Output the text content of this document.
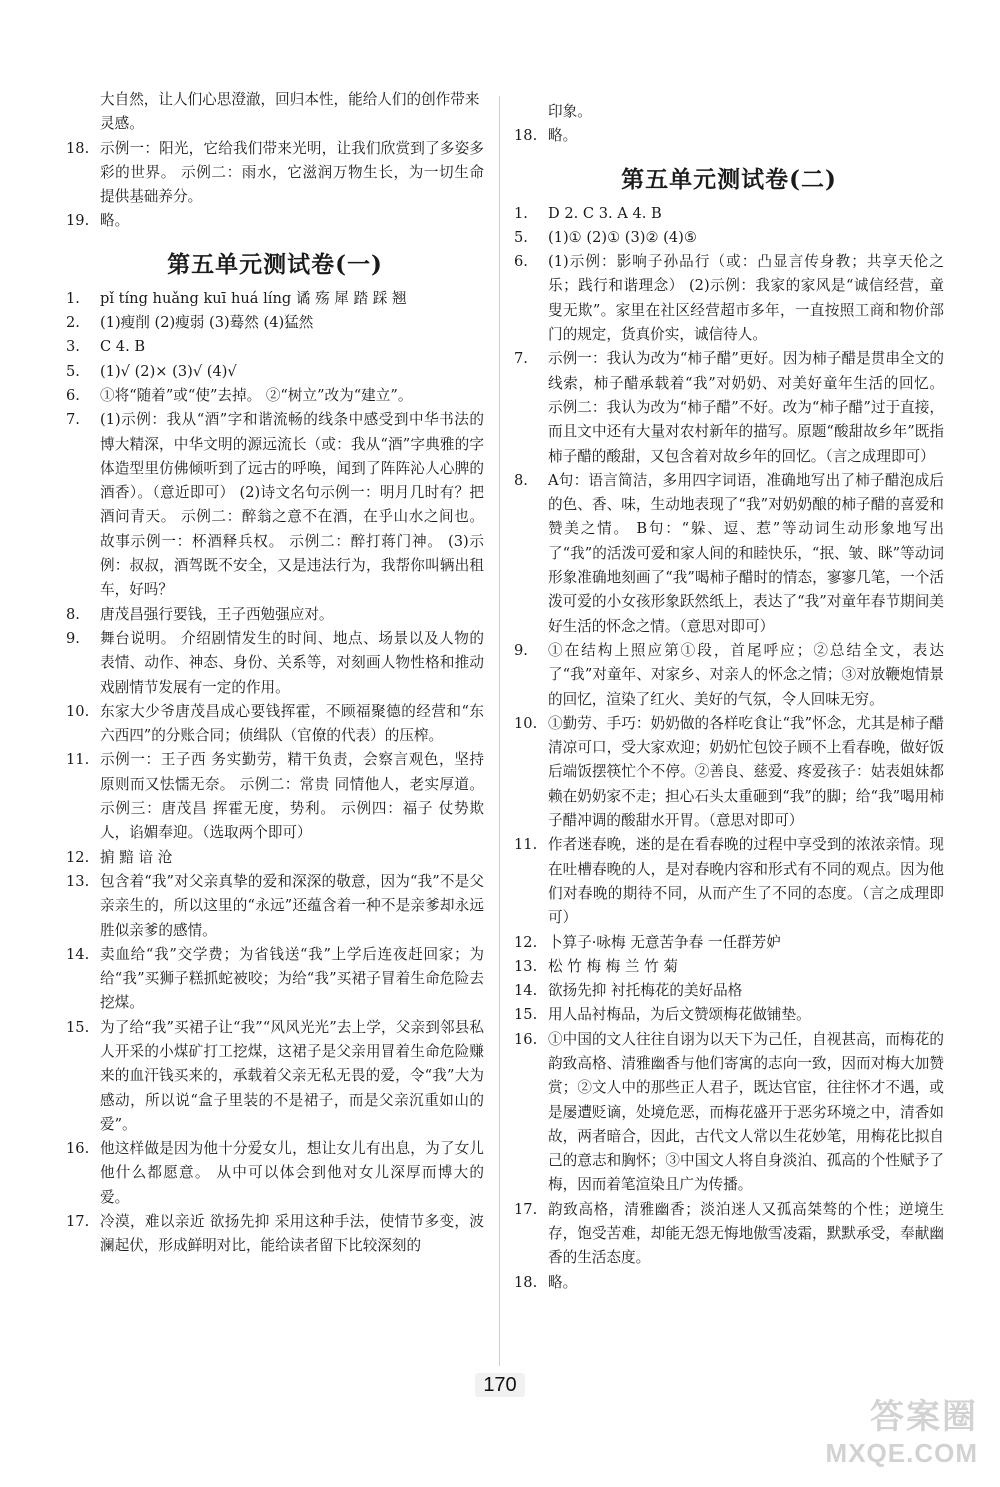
大自然，让人们心思澄澈，回归本性，能给人们的创作带来灵感。
18. 示例一：阳光，它给我们带来光明，让我们欣赏到了多姿多彩的世界。 示例二：雨水，它滋润万物生长，为一切生命提供基础养分。
19. 略。
第五单元测试卷(一)
1.	pǐ tíng huǎng kuī huá líng 谲 殇 犀 踏 踩 翘
2.	(1)瘦削 (2)瘦弱 (3)蓦然 (4)猛然
3.	C 4. B
5.	(1)√ (2)× (3)√ (4)√
6.	①将“随着”或“使”去掉。 ②“树立”改为“建立”。
7.	(1)示例：我从“酒”字和谐流畅的线条中感受到中华书法的博大精深，中华文明的源远流长（或：我从“酒”字典雅的字体造型里仿佛倾听到了远古的呼唤，闻到了阵阵沁人心脾的酒香）。（意近即可） (2)诗文名句示例一：明月几时有？把酒问青天。 示例二：醉翁之意不在酒，在乎山水之间也。 故事示例一：杯酒释兵权。 示例二：醉打蒋门神。 (3)示例：叔叔，酒驾既不安全，又是违法行为，我帮你叫辆出租车，好吗？
8.	唐茂昌强行要钱，王子西勉强应对。
9.	舞台说明。 介绍剧情发生的时间、地点、场景以及人物的表情、动作、神态、身份、关系等，对刻画人物性格和推动戏剧情节发展有一定的作用。
10. 东家大少爷唐茂昌成心要钱挥霍，不顾福聚德的经营和“东六西四”的分账合同；侦缉队（官僚的代表）的压榨。
11. 示例一：王子西 务实勤劳，精干负责，会察言观色，坚持原则而又怯懦无奈。 示例二：常贵 同情他人，老实厚道。 示例三：唐茂昌 挥霍无度，势利。 示例四：福子 仗势欺人，谄媚奉迎。（选取两个即可）
12. 掮 黯 谙 沧
13. 包含着“我”对父亲真挚的爱和深深的敬意，因为“我”不是父亲亲生的，所以这里的“永远”还蕴含着一种不是亲爹却永远胜似亲爹的感情。
14. 卖血给“我”交学费；为省钱送“我”上学后连夜赶回家；为给“我”买狮子糕抓蛇被咬；为给“我”买裙子冒着生命危险去挖煤。
15. 为了给“我”买裙子让“我”“风风光光”去上学，父亲到邻县私人开采的小煤矿打工挖煤，这裙子是父亲用冒着生命危险赚来的血汗钱买来的，承载着父亲无私无畏的爱，令“我”大为感动，所以说“盒子里装的不是裙子，而是父亲沉重如山的爱”。
16. 他这样做是因为他十分爱女儿，想让女儿有出息，为了女儿他什么都愿意。 从中可以体会到他对女儿深厚而博大的爱。
17. 冷漠，难以亲近 欲扬先抑 采用这种手法，使情节多变，波澜起伏，形成鲜明对比，能给读者留下比较深刻的
印象。
18. 略。
第五单元测试卷(二)
1.	D 2. C 3. A 4. B
5.	(1)① (2)① (3)② (4)⑤
6.	(1)示例：影响子孙品行（或：凸显言传身教；共享天伦之乐；践行和谐理念） (2)示例：我家的家风是“诚信经营，童叟无欺”。家里在社区经营超市多年，一直按照工商和物价部门的规定，货真价实，诚信待人。
7.	示例一：我认为改为“柿子醋”更好。因为柿子醋是贯串全文的线索，柿子醋承载着“我”对奶奶、对美好童年生活的回忆。 示例二：我认为改为“柿子醋”不好。改为“柿子醋”过于直接，而且文中还有大量对农村新年的描写。原题“酸甜故乡年”既指柿子醋的酸甜，又包含着对故乡年的回忆。（言之成理即可）
8.	A句：语言简洁，多用四字词语，准确地写出了柿子醋泡成后的色、香、味，生动地表现了“我”对奶奶酿的柿子醋的喜爱和赞美之情。 B句：“躲、逗、惹”等动词生动形象地写出了“我”的活泼可爱和家人间的和睦快乐，“抿、皱、眯”等动词形象准确地刻画了“我”喝柿子醋时的情态，寥寥几笔，一个活泼可爱的小女孩形象跃然纸上，表达了“我”对童年春节期间美好生活的怀念之情。（意思对即可）
9.	①在结构上照应第①段，首尾呼应；②总结全文，表达了“我”对童年、对家乡、对亲人的怀念之情；③对放鞭炮情景的回忆，渲染了红火、美好的气氛，令人回味无穷。
10. ①勤劳、手巧：奶奶做的各样吃食让“我”怀念，尤其是柿子醋清凉可口，受大家欢迎；奶奶忙包饺子顾不上看春晚，做好饭后端饭摆筷忙个不停。②善良、慈爱、疼爱孩子：姑表姐妹都赖在奶奶家不走；担心石头太重砸到“我”的脚；给“我”喝用柿子醋冲调的酸甜水开胃。（意思对即可）
11. 作者迷春晚，迷的是在看春晚的过程中享受到的浓浓亲情。现在吐槽春晚的人，是对春晚内容和形式有不同的观点。因为他们对春晚的期待不同，从而产生了不同的态度。（言之成理即可）
12. 卜算子·咏梅 无意苦争春 一任群芳妒
13. 松 竹 梅 梅 兰 竹 菊
14. 欲扬先抑 衬托梅花的美好品格
15. 用人品衬梅品，为后文赞颂梅花做铺垫。
16. ①中国的文人往往自诩为以天下为己任，自视甚高，而梅花的韵致高格、清雅幽香与他们寄寓的志向一致，因而对梅大加赞赏；②文人中的那些正人君子，既达官宦，往往怀才不遇，或是屡遭贬谪，处境危恶，而梅花盛开于恶劣环境之中，清香如故，两者暗合，因此，古代文人常以生花妙笔，用梅花比拟自己的意志和胸怀；③中国文人将自身淡泊、孤高的个性赋予了梅，因而着笔渲染且广为传播。
17. 韵致高格，清雅幽香；淡泊迷人又孤高桀骜的个性；逆境生存，饱受苦难，却能无怨无悔地傲雪凌霜，默默承受，奉献幽香的生活态度。
18. 略。
170
答案圈
MXQE.COM
